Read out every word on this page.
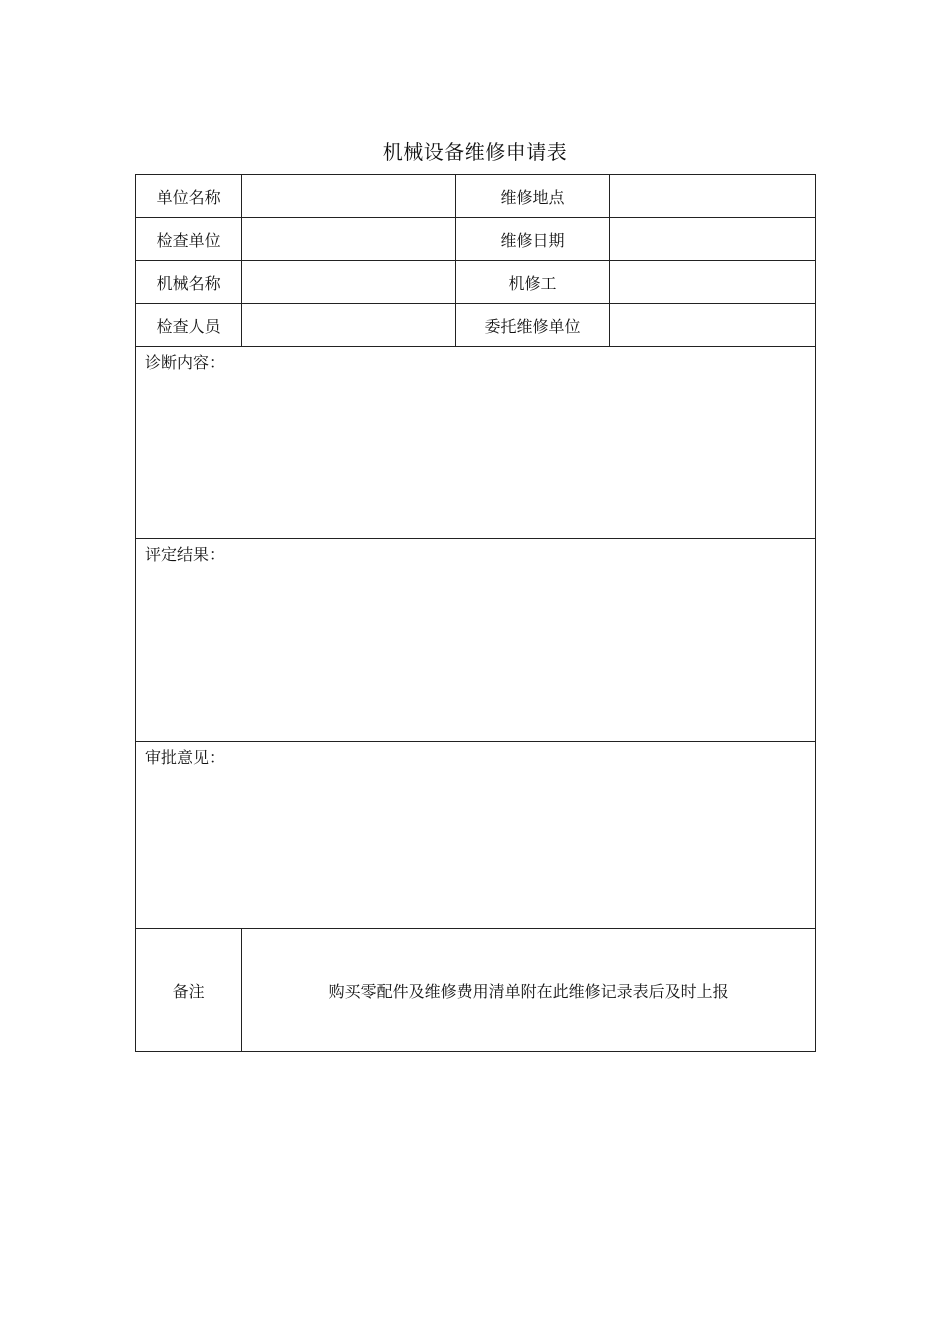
机械设备维修申请表
单位名称		维修地点	

检查单位		维修日期	

机械名称		机修工	

检查人员		委托维修单位	

诊断内容：			
评定结果：			
审批意见：			
备注	购买零配件及维修费用清单附在此维修记录表后及时上报		
